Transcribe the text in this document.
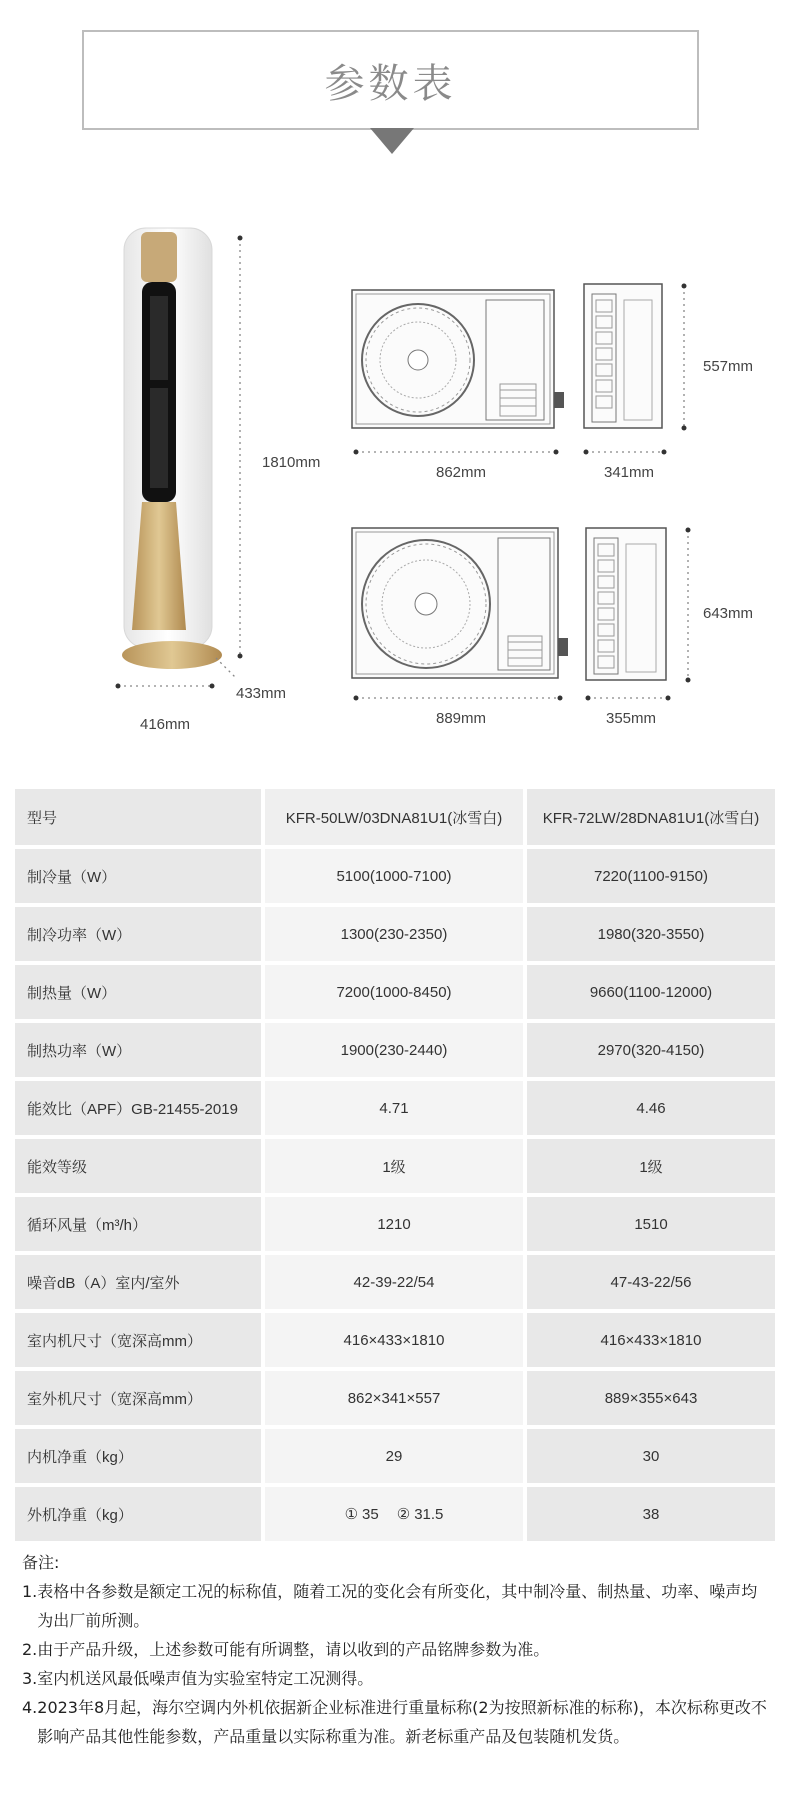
参数表
1810mm
433mm
416mm
557mm
862mm	341mm
643mm
889mm	355mm
型号	KFR-50LW/03DNA81U1(冰雪白)	KFR-72LW/28DNA81U1(冰雪白)
制冷量（W）	5100(1000-7100)	7220(1100-9150)
制冷功率（W）	1300(230-2350)	1980(320-3550)
制热量（W）	7200(1000-8450)	9660(1100-12000)
制热功率（W）	1900(230-2440)	2970(320-4150)
能效比（APF）GB-21455-2019	4.71	4.46
能效等级	1级	1级
循环风量（m³/h）	1210	1510
噪音dB（A）室内/室外	42-39-22/54	47-43-22/56
室内机尺寸（宽深高mm）	416×433×1810	416×433×1810
室外机尺寸（宽深高mm）	862×341×557	889×355×643
内机净重（kg）	29	30
外机净重（kg）	① 35 ② 31.5	38
备注:
1. 表格中各参数是额定工况的标称值，随着工况的变化会有所变化，其中制冷量、制热量、功率、噪声均为出厂前所测。
2. 由于产品升级，上述参数可能有所调整，请以收到的产品铭牌参数为准。
3. 室内机送风最低噪声值为实验室特定工况测得。
4. 2023年8月起，海尔空调内外机依据新企业标准进行重量标称(2为按照新标准的标称)，本次标称更改不影响产品其他性能参数，产品重量以实际称重为准。新老标重产品及包装随机发货。
